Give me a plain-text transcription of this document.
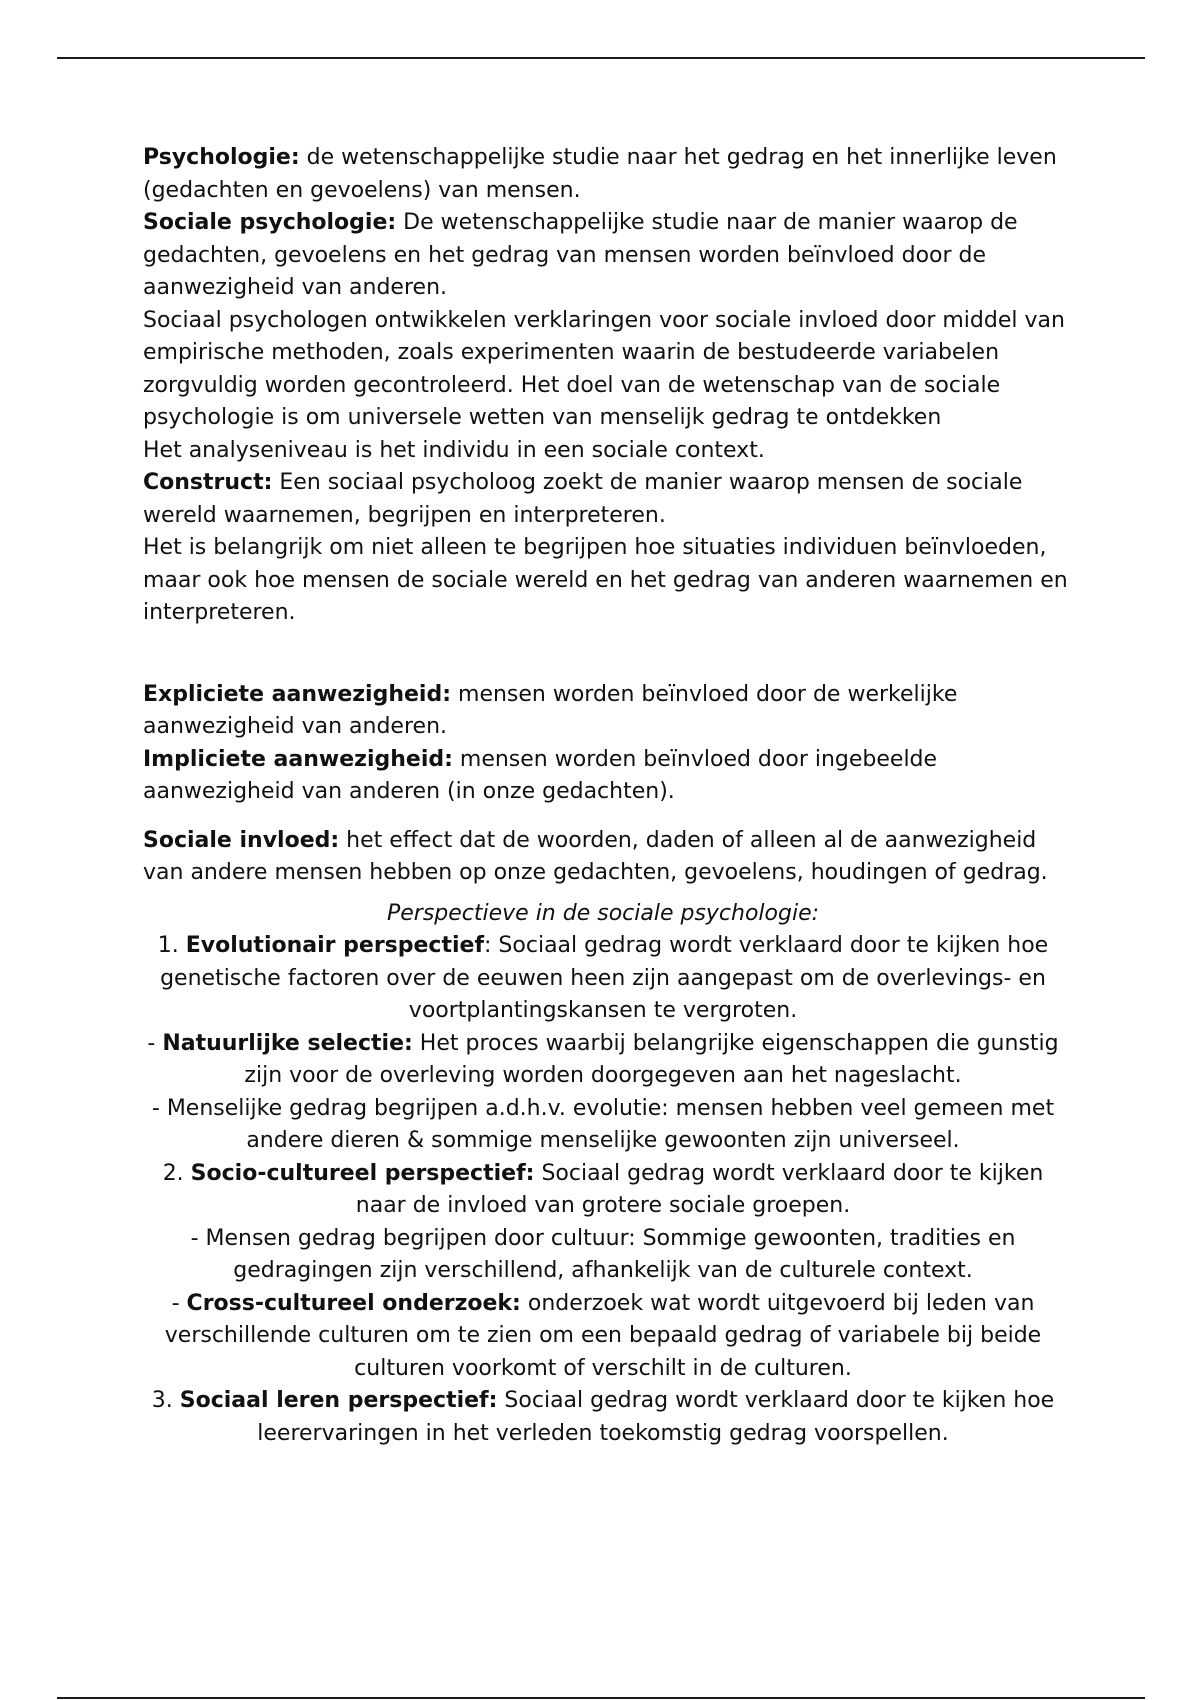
Psychologie: de wetenschappelijke studie naar het gedrag en het innerlijke leven (gedachten en gevoelens) van mensen.

Sociale psychologie: De wetenschappelijke studie naar de manier waarop de gedachten, gevoelens en het gedrag van mensen worden beïnvloed door de aanwezigheid van anderen.

Sociaal psychologen ontwikkelen verklaringen voor sociale invloed door middel van empirische methoden, zoals experimenten waarin de bestudeerde variabelen zorgvuldig worden gecontroleerd. Het doel van de wetenschap van de sociale psychologie is om universele wetten van menselijk gedrag te ontdekken

Het analyseniveau is het individu in een sociale context.

Construct: Een sociaal psycholoog zoekt de manier waarop mensen de sociale wereld waarnemen, begrijpen en interpreteren.

Het is belangrijk om niet alleen te begrijpen hoe situaties individuen beïnvloeden, maar ook hoe mensen de sociale wereld en het gedrag van anderen waarnemen en interpreteren.

Expliciete aanwezigheid: mensen worden beïnvloed door de werkelijke aanwezigheid van anderen.

Impliciete aanwezigheid: mensen worden beïnvloed door ingebeelde aanwezigheid van anderen (in onze gedachten).

Sociale invloed: het effect dat de woorden, daden of alleen al de aanwezigheid van andere mensen hebben op onze gedachten, gevoelens, houdingen of gedrag.

Perspectieve in de sociale psychologie:

1. Evolutionair perspectief: Sociaal gedrag wordt verklaard door te kijken hoe genetische factoren over de eeuwen heen zijn aangepast om de overlevings- en voortplantingskansen te vergroten.

- Natuurlijke selectie: Het proces waarbij belangrijke eigenschappen die gunstig zijn voor de overleving worden doorgegeven aan het nageslacht.

- Menselijke gedrag begrijpen a.d.h.v. evolutie: mensen hebben veel gemeen met andere dieren & sommige menselijke gewoonten zijn universeel.

2. Socio-cultureel perspectief: Sociaal gedrag wordt verklaard door te kijken naar de invloed van grotere sociale groepen.

- Mensen gedrag begrijpen door cultuur: Sommige gewoonten, tradities en gedragingen zijn verschillend, afhankelijk van de culturele context.

- Cross-cultureel onderzoek: onderzoek wat wordt uitgevoerd bij leden van verschillende culturen om te zien om een bepaald gedrag of variabele bij beide culturen voorkomt of verschilt in de culturen.

3. Sociaal leren perspectief: Sociaal gedrag wordt verklaard door te kijken hoe leerervaringen in het verleden toekomstig gedrag voorspellen.
